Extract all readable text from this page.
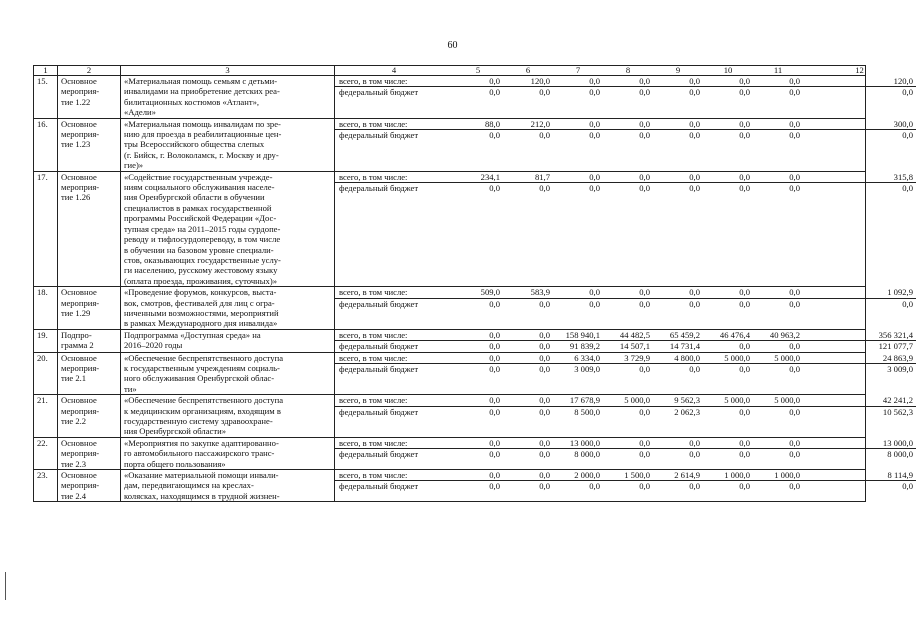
60
1	2	3		4	5	6	7	8	9	10	11	12

15.	Основное
мероприя-
тие 1.22

«Материальная помощь семьям с детьми-
инвалидами на приобретение детских реа-
билитационных костюмов «Атлант»,
«Адели»

всего, в том числе:	0,0	120,0	0,0	0,0	0,0	0,0	0,0	120,0
федеральный бюджет	0,0	0,0	0,0	0,0	0,0	0,0	0,0	0,0

16.	Основное
мероприя-
тие 1.23

«Материальная помощь инвалидам по зре-
нию для проезда в реабилитационные цен-
тры Всероссийского общества слепых
(г. Бийск, г. Волоколамск, г. Москву и дру-
гие)»

всего, в том числе:	88,0	212,0	0,0	0,0	0,0	0,0	0,0	300,0
федеральный бюджет	0,0	0,0	0,0	0,0	0,0	0,0	0,0	0,0

17.	Основное
мероприя-
тие 1.26

«Содействие государственным учрежде-
ниям социального обслуживания населе-
ния Оренбургской области в обучении
специалистов в рамках государственной
программы Российской Федерации «Дос-
тупная среда» на 2011–2015 годы сурдопе-
реводу и тифлосурдопереводу, в том числе
в обучении на базовом уровне специали-
стов, оказывающих государственные услу-
ги населению, русскому жестовому языку
(оплата проезда, проживания, суточных)»

всего, в том числе:	234,1	81,7	0,0	0,0	0,0	0,0	0,0	315,8
федеральный бюджет	0,0	0,0	0,0	0,0	0,0	0,0	0,0	0,0

18.	Основное
мероприя-
тие 1.29

«Проведение форумов, конкурсов, выста-
вок, смотров, фестивалей для лиц с огра-
ниченными возможностями, мероприятий
в рамках Международного дня инвалида»

всего, в том числе:	509,0	583,9	0,0	0,0	0,0	0,0	0,0	1 092,9
федеральный бюджет	0,0	0,0	0,0	0,0	0,0	0,0	0,0	0,0

19.	Подпро-
грамма 2

Подпрограмма «Доступная среда» на
2016–2020 годы

всего, в том числе:	0,0	0,0	158 940,1	44 482,5	65 459,2	46 476,4	40 963,2	356 321,4
федеральный бюджет	0,0	0,0	91 839,2	14 507,1	14 731,4	0,0	0,0	121 077,7

20.	Основное
мероприя-
тие 2.1

«Обеспечение беспрепятственного доступа
к государственным учреждениям социаль-
ного обслуживания Оренбургской облас-
ти»

всего, в том числе:	0,0	0,0	6 334,0	3 729,9	4 800,0	5 000,0	5 000,0	24 863,9
федеральный бюджет	0,0	0,0	3 009,0	0,0	0,0	0,0	0,0	3 009,0

21.	Основное
мероприя-
тие 2.2

«Обеспечение беспрепятственного доступа
к медицинским организациям, входящим в
государственную систему здравоохране-
ния Оренбургской области»

всего, в том числе:	0,0	0,0	17 678,9	5 000,0	9 562,3	5 000,0	5 000,0	42 241,2
федеральный бюджет	0,0	0,0	8 500,0	0,0	2 062,3	0,0	0,0	10 562,3

22.	Основное
мероприя-
тие 2.3

«Мероприятия по закупке адаптированно-
го автомобильного пассажирского транс-
порта общего пользования»

всего, в том числе:	0,0	0,0	13 000,0	0,0	0,0	0,0	0,0	13 000,0
федеральный бюджет	0,0	0,0	8 000,0	0,0	0,0	0,0	0,0	8 000,0

23.	Основное
мероприя-
тие 2.4

«Оказание материальной помощи инвали-
дам, передвигающимся на креслах-
колясках, находящимся в трудной жизнен-

всего, в том числе:	0,0	0,0	2 000,0	1 500,0	2 614,9	1 000,0	1 000,0	8 114,9
федеральный бюджет	0,0	0,0	0,0	0,0	0,0	0,0	0,0	0,0
